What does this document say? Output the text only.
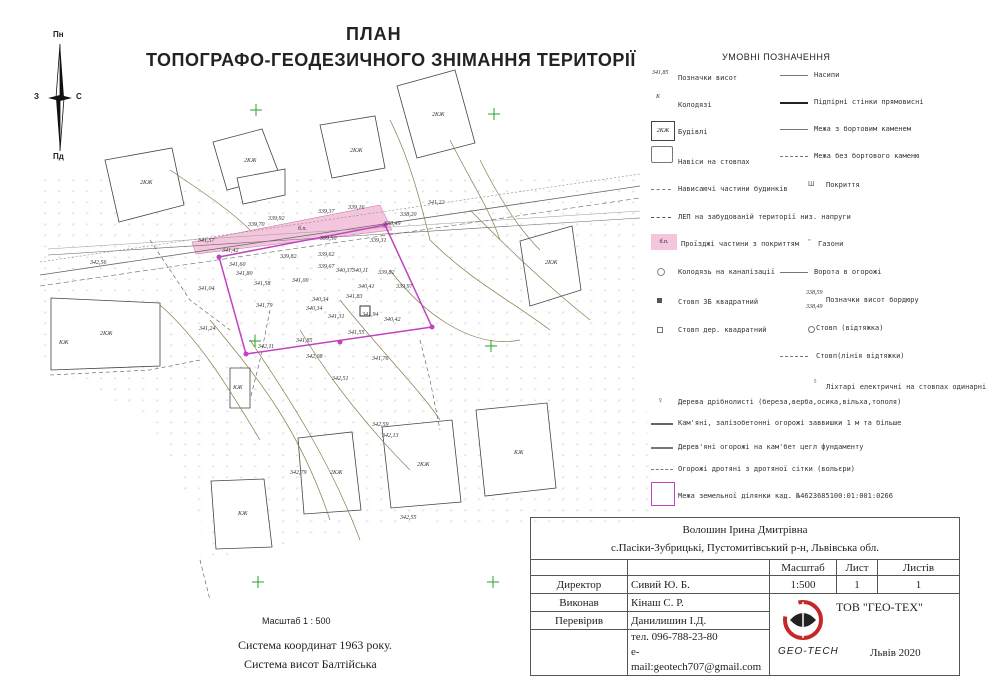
ПЛАН
ТОПОГРАФО-ГЕОДЕЗИЧНОГО ЗНІМАННЯ ТЕРИТОРІЇ
Пн
Пд
З	С
2КЖ
2КЖ
2КЖ
2КЖ
2КЖ
2КЖ
2КЖ
КЖ
КЖ
КЖ
2КЖ
КЖ
б.п.
339,37
339,16
338,49
339,70
339,92
341,57
341,42
338,20
341,22
341,60
341,80
339,50
339,82	339,62
339,31
341,58	341,00
339,67
340,37 340,11 339,82
341,04
341,79
340,34
340,41
341,83
339,97
341,24
341,94
340,42
341,55
340,34
341,31
341,85
342,08
342,11
341,76
342,51
342,59
342,13
342,79
342,55
342,56
УМОВНІ ПОЗНАЧЕННЯ
341,85
Позначки висот
К
Колодязі
2КЖ	Будівлі
Навіси на стовпах
Нависаючі частини будинків
ЛЕП на забудованій території низ. напруги
б.п.	Проїзджі частини з покриттям
Колодязь на каналізації
Стовп ЗБ квадратний
Стовп дер. квадратний
Насипи
Підпірні стінки прямовисні
Межа з бортовим каменем
Межа без бортового каменю
Ш Покриття
" Газони
Ворота в огорожі
338,59
338,49
Позначки висот бордюру
Стовп (відтяжка)
Стовп(лінія відтяжки)
♁
Ліхтарі електричні на стовпах одинарні
♀ Дерева дрібнолисті (береза,верба,осика,вільха,тополя)
Кам'яні, залізобетонні огорожі заввишки 1 м та більше
Дерев'яні огорожі на кам'бет цегл фундаменту
Огорожі дротяні з дротяної сітки (вольєри)
Межа земельної ділянки кад. №4623685100:01:001:0266
Масштаб 1 : 500
Система координат 1963 року.
Система висот Балтійська
Волошин Ірина Дмитрівна
с.Пасіки-Зубрицькі, Пустомитівський р-н, Львівська обл.				
		Масштаб	Лист	Листів
Директор	Сивий Ю. Б.	1:500	1	1
Виконав	Кінаш С. Р.	ТОВ "ГЕО-ТЕХ"
GEO-TECH Львів 2020		

Перевірив	Данилишин І.Д.			
	тел. 096-788-23-80
e-mail:geotech707@gmail.com			
